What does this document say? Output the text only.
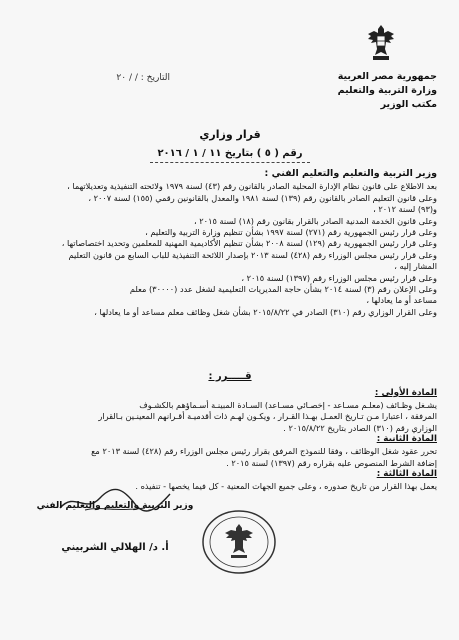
جمهورية مصر العربية
وزارة التربية والتعليم
مكتب الوزير
التاريخ : / / ٢٠
قرار وزاري
رقم ( ٥ ) بتاريخ ١١ / ١ / ٢٠١٦

وزير التربية والتعليم والتعليم الفني :

بعد الاطلاع على قانون نظام الإدارة المحلية الصادر بالقانون رقم (٤٣) لسنة ١٩٧٩ ولائحته التنفيذية وتعديلاتهما ،

وعلى قانون التعليم الصادر بالقانون رقم (١٣٩) لسنة ١٩٨١ والمعدل بالقانونين رقمي (١٥٥) لسنة ٢٠٠٧ ،

و(٩٣) لسنة ٢٠١٢ ،

وعلى قانون الخدمة المدنية الصادر بالقرار بقانون رقم (١٨) لسنة ٢٠١٥ ،

وعلى قرار رئيس الجمهورية رقم (٢٧١) لسنة ١٩٩٧ بشأن تنظيم وزارة التربية والتعليم ،

وعلى قرار رئيس الجمهورية رقم (١٢٩) لسنة ٢٠٠٨ بشأن تنظيم الأكاديمية المهنية للمعلمين وتحديد اختصاصاتها ،

وعلى قرار رئيس مجلس الوزراء رقم (٤٢٨) لسنة ٢٠١٣ بإصدار اللائحة التنفيذية للباب السابع من قانون التعليم

المشار إليه ،

وعلى قرار رئيس مجلس الوزراء رقم (١٣٩٧) لسنة ٢٠١٥ ،

وعلى الإعلان رقم (٣) لسنة ٢٠١٤ بشأن حاجة المديريات التعليمية لشغل عدد (٣٠٠٠٠) معلم

مساعد أو ما يعادلها ،

وعلى القرار الوزاري رقم (٣١٠) الصادر في ٢٠١٥/٨/٢٢ بشأن شغل وظائف معلم مساعد أو ما يعادلها ،

قـــــرر :

المادة الأولى :

يشـغل وظـائف (معلـم مسـاعد - إخصـائي مسـاعد) السـادة المبينـة أسـماؤهم بالكشـوف

المرفقة ، اعتبارا مـن تـاريخ العمـل بهـذا القـرار ، ويكـون لهـم ذات أقدميـة أقـرانهم المعينـين بـالقرار

الوزاري رقم (٣١٠) الصادر بتاريخ ٢٠١٥/٨/٢٢ .

المادة الثانية :

تحرر عقود شغل الوظائف ، وفقا للنموذج المرفق بقرار رئيس مجلس الوزراء رقم (٤٢٨) لسنة ٢٠١٣ مع

إضافة الشرط المنصوص عليه بقراره رقم (١٣٩٧) لسنة ٢٠١٥ .

المادة الثالثة :

يعمل بهذا القرار من تاريخ صدوره ، وعلى جميع الجهات المعنية - كل فيما يخصها - تنفيذه .

وزير التربية والتعليم والتعليم الفني
أ. د/ الهلالي الشربيني
